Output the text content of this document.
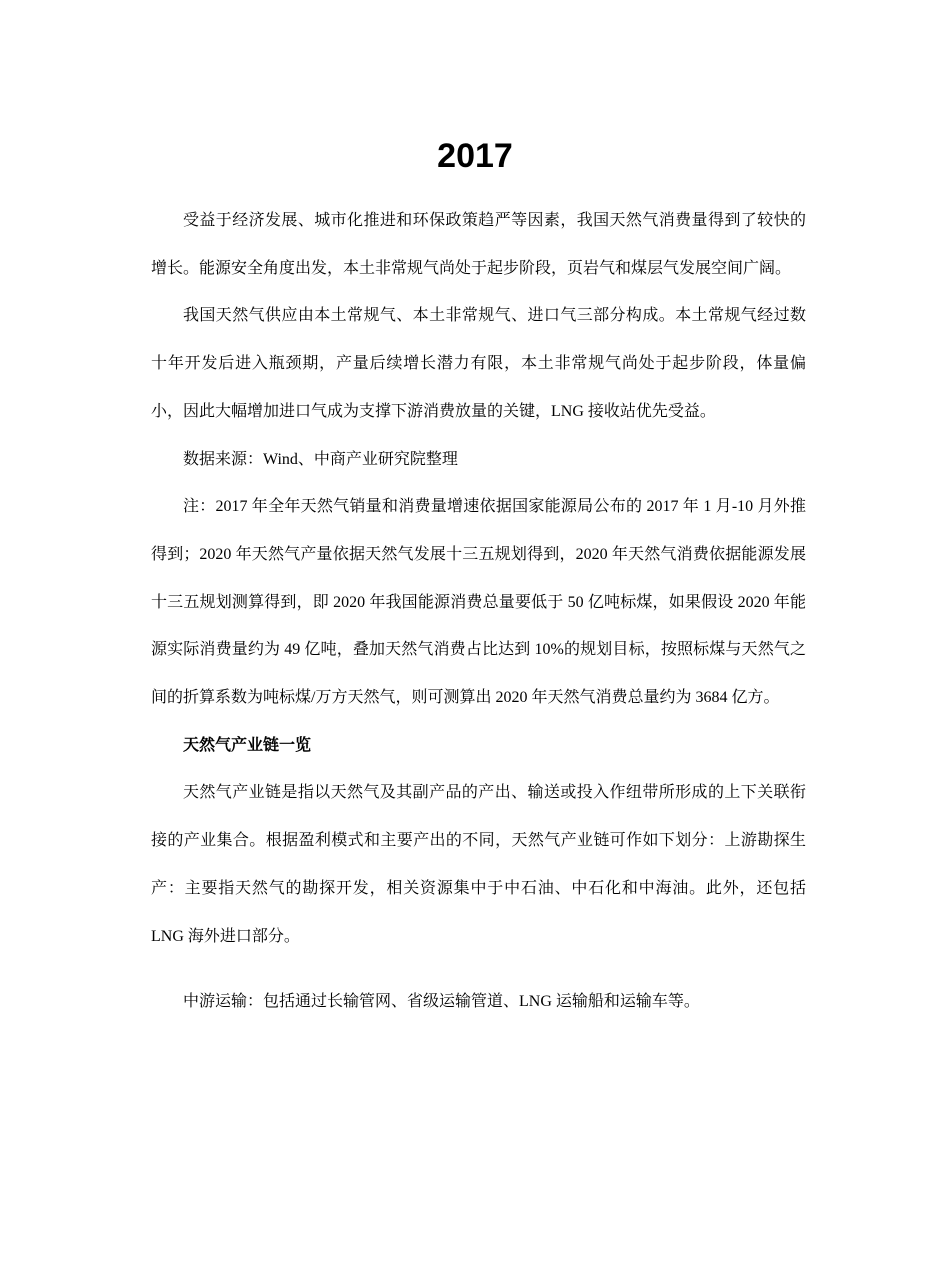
2017

受益于经济发展、城市化推进和环保政策趋严等因素，我国天然气消费量得到了较快的增长。能源安全角度出发，本土非常规气尚处于起步阶段，页岩气和煤层气发展空间广阔。

我国天然气供应由本土常规气、本土非常规气、进口气三部分构成。本土常规气经过数十年开发后进入瓶颈期，产量后续增长潜力有限，本土非常规气尚处于起步阶段，体量偏小，因此大幅增加进口气成为支撑下游消费放量的关键，LNG 接收站优先受益。

数据来源：Wind、中商产业研究院整理

注：2017 年全年天然气销量和消费量增速依据国家能源局公布的 2017 年 1 月-10 月外推得到；2020 年天然气产量依据天然气发展十三五规划得到，2020 年天然气消费依据能源发展十三五规划测算得到，即 2020 年我国能源消费总量要低于 50 亿吨标煤，如果假设 2020 年能源实际消费量约为 49 亿吨，叠加天然气消费占比达到 10%的规划目标，按照标煤与天然气之间的折算系数为吨标煤/万方天然气，则可测算出 2020 年天然气消费总量约为 3684 亿方。

天然气产业链一览

天然气产业链是指以天然气及其副产品的产出、输送或投入作纽带所形成的上下关联衔接的产业集合。根据盈利模式和主要产出的不同，天然气产业链可作如下划分：上游勘探生产：主要指天然气的勘探开发，相关资源集中于中石油、中石化和中海油。此外，还包括 LNG 海外进口部分。

中游运输：包括通过长输管网、省级运输管道、LNG 运输船和运输车等。
